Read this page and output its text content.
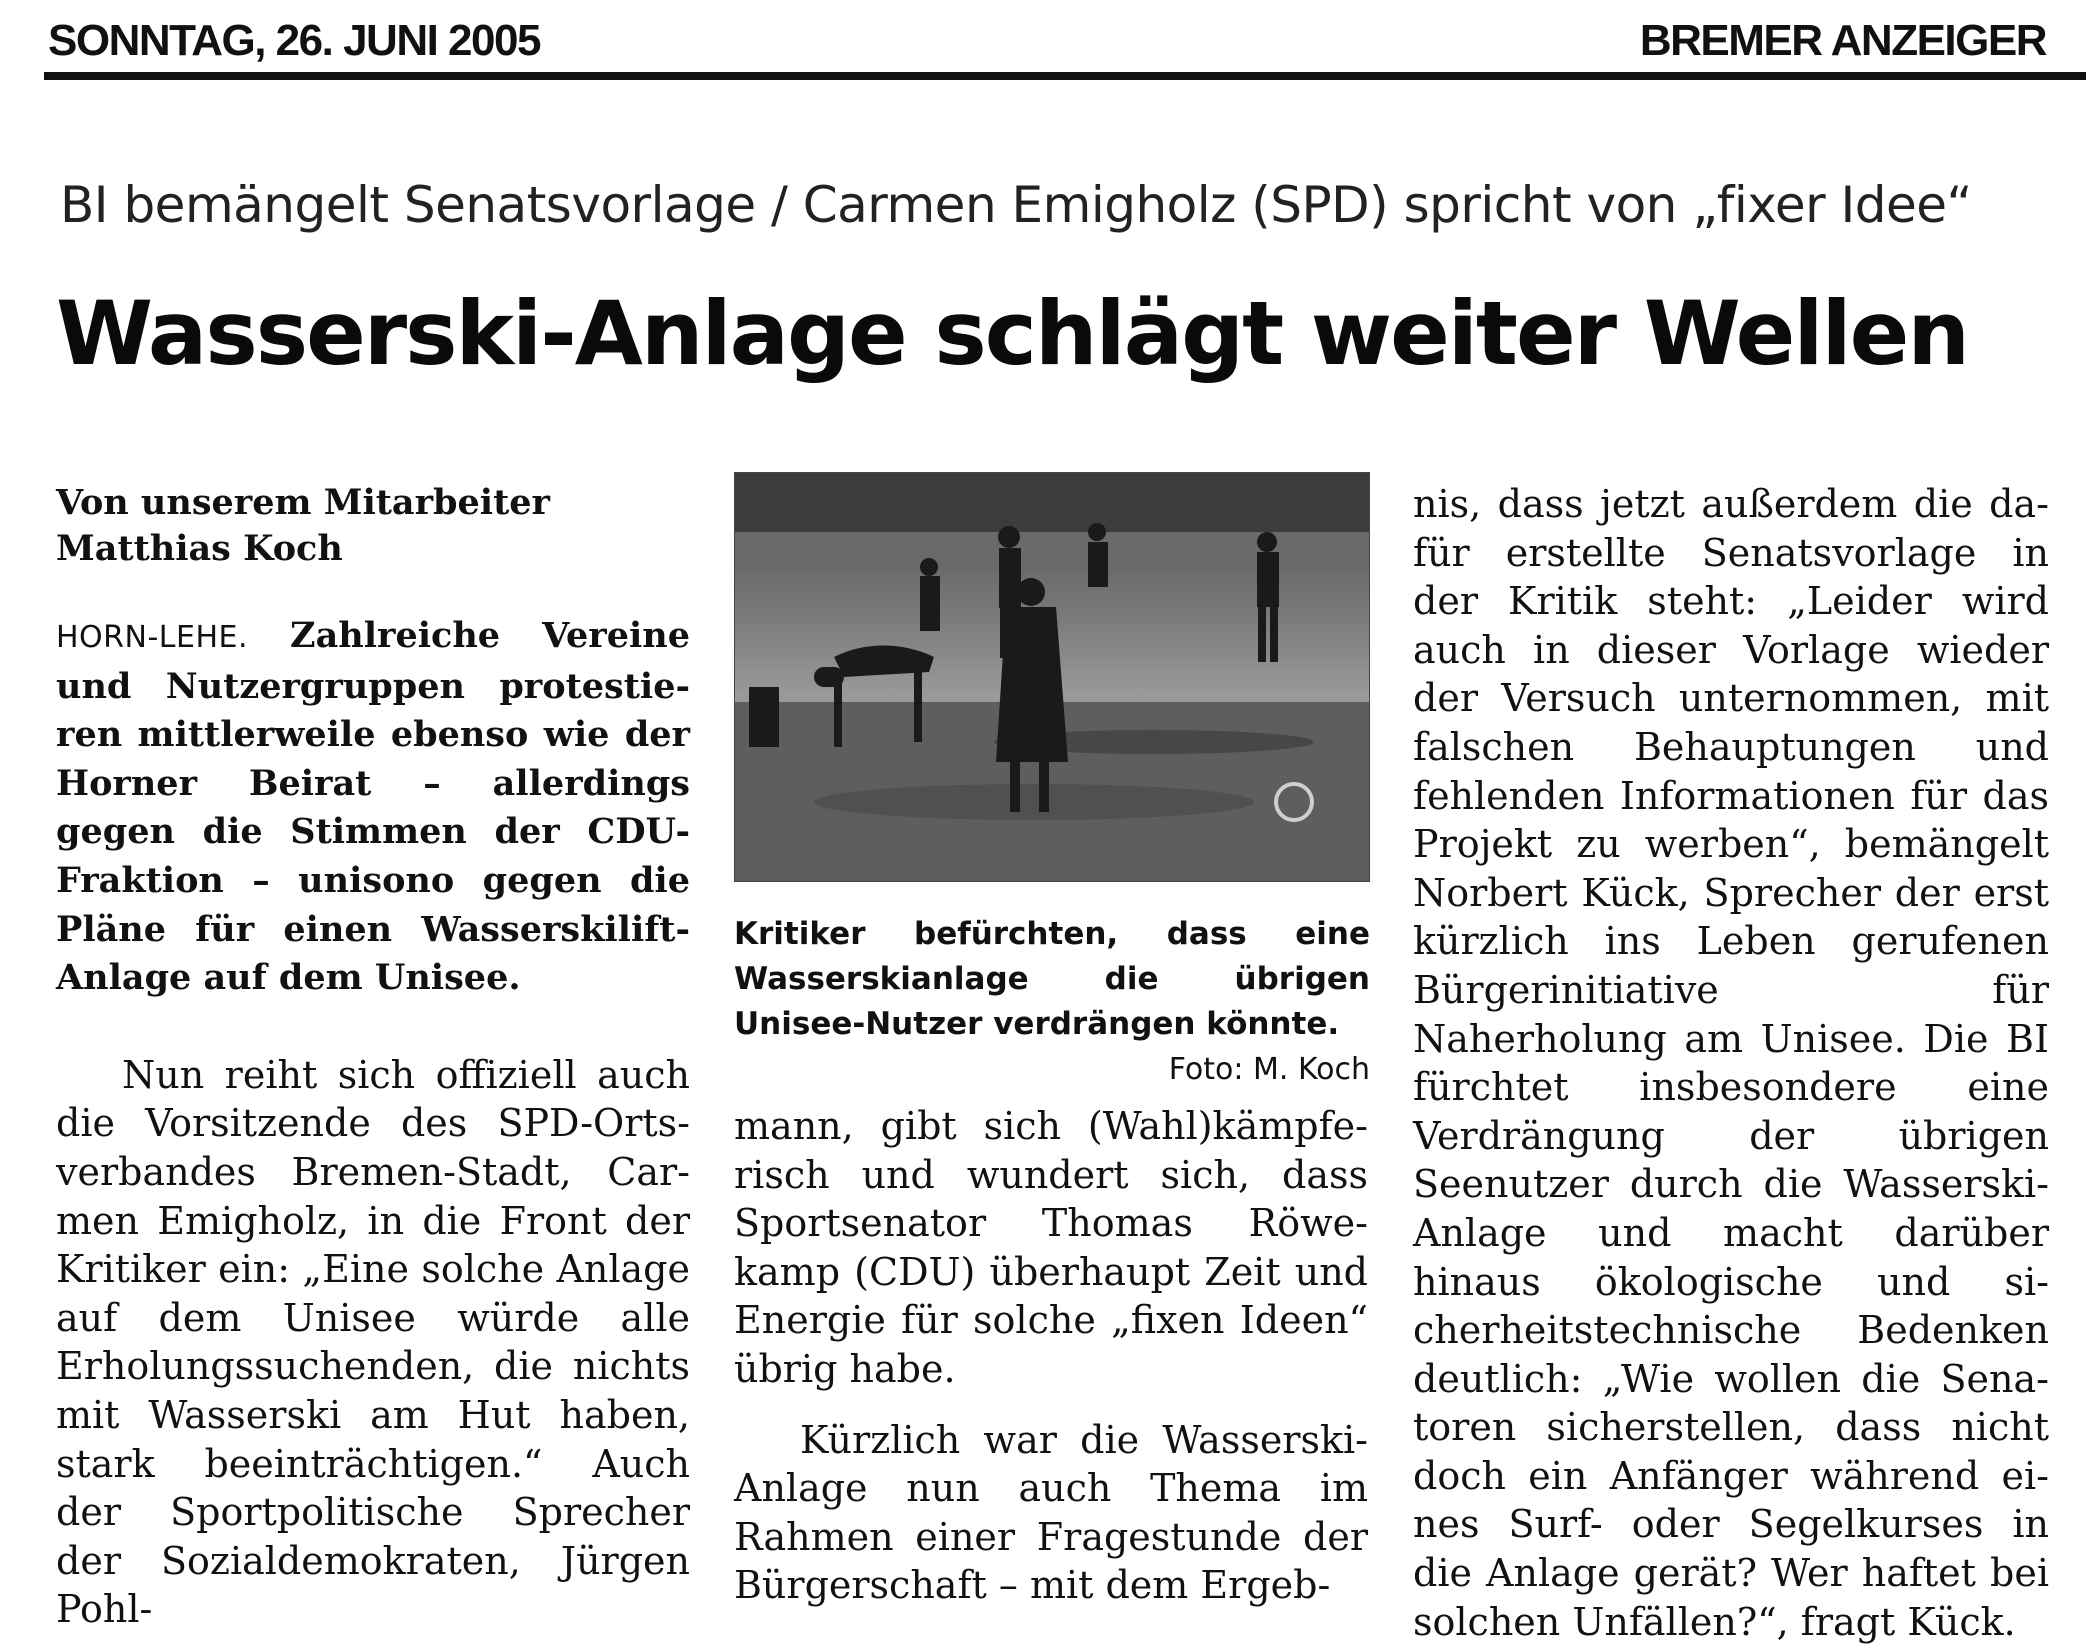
SONNTAG, 26. JUNI 2005	BREMER ANZEIGER
BI bemängelt Senatsvorlage / Carmen Emigholz (SPD) spricht von „fixer Idee“
Wasserski-Anlage schlägt weiter Wellen
Von unserem Mitarbeiter
Matthias Koch

HORN-LEHE. Zahlreiche Vereine und Nutzergruppen protestieren mittlerweile ebenso wie der Horner Beirat – allerdings gegen die Stimmen der CDU-Fraktion – unisono gegen die Pläne für einen Wasserskilift-Anlage auf dem Unisee.

Nun reiht sich offiziell auch die Vorsitzende des SPD-Ortsverbandes Bremen-Stadt, Carmen Emigholz, in die Front der Kritiker ein: „Eine solche Anlage auf dem Unisee würde alle Erholungssuchenden, die nichts mit Wasserski am Hut haben, stark beeinträchtigen.“ Auch der Sportpolitische Sprecher der Sozialdemokraten, Jürgen Pohl-

Kritiker befürchten, dass eine Wasserskianlage die übrigen Unisee-Nutzer verdrängen könnte.
Foto: M. Koch

mann, gibt sich (Wahl)kämpferisch und wundert sich, dass Sportsenator Thomas Röwekamp (CDU) überhaupt Zeit und Energie für solche „fixen Ideen“ übrig habe.

Kürzlich war die Wasserski-Anlage nun auch Thema im Rahmen einer Fragestunde der Bürgerschaft – mit dem Ergeb-

nis, dass jetzt außerdem die dafür erstellte Senatsvorlage in der Kritik steht: „Leider wird auch in dieser Vorlage wieder der Versuch unternommen, mit falschen Behauptungen und fehlenden Informationen für das Projekt zu werben“, bemängelt Norbert Kück, Sprecher der erst kürzlich ins Leben gerufenen Bürgerinitiative für Naherholung am Unisee. Die BI fürchtet insbesondere eine Verdrängung der übrigen Seenutzer durch die Wasserski-Anlage und macht darüber hinaus ökologische und sicherheitstechnische Bedenken deutlich: „Wie wollen die Senatoren sicherstellen, dass nicht doch ein Anfänger während eines Surf- oder Segelkurses in die Anlage gerät? Wer haftet bei solchen Unfällen?“, fragt Kück.
